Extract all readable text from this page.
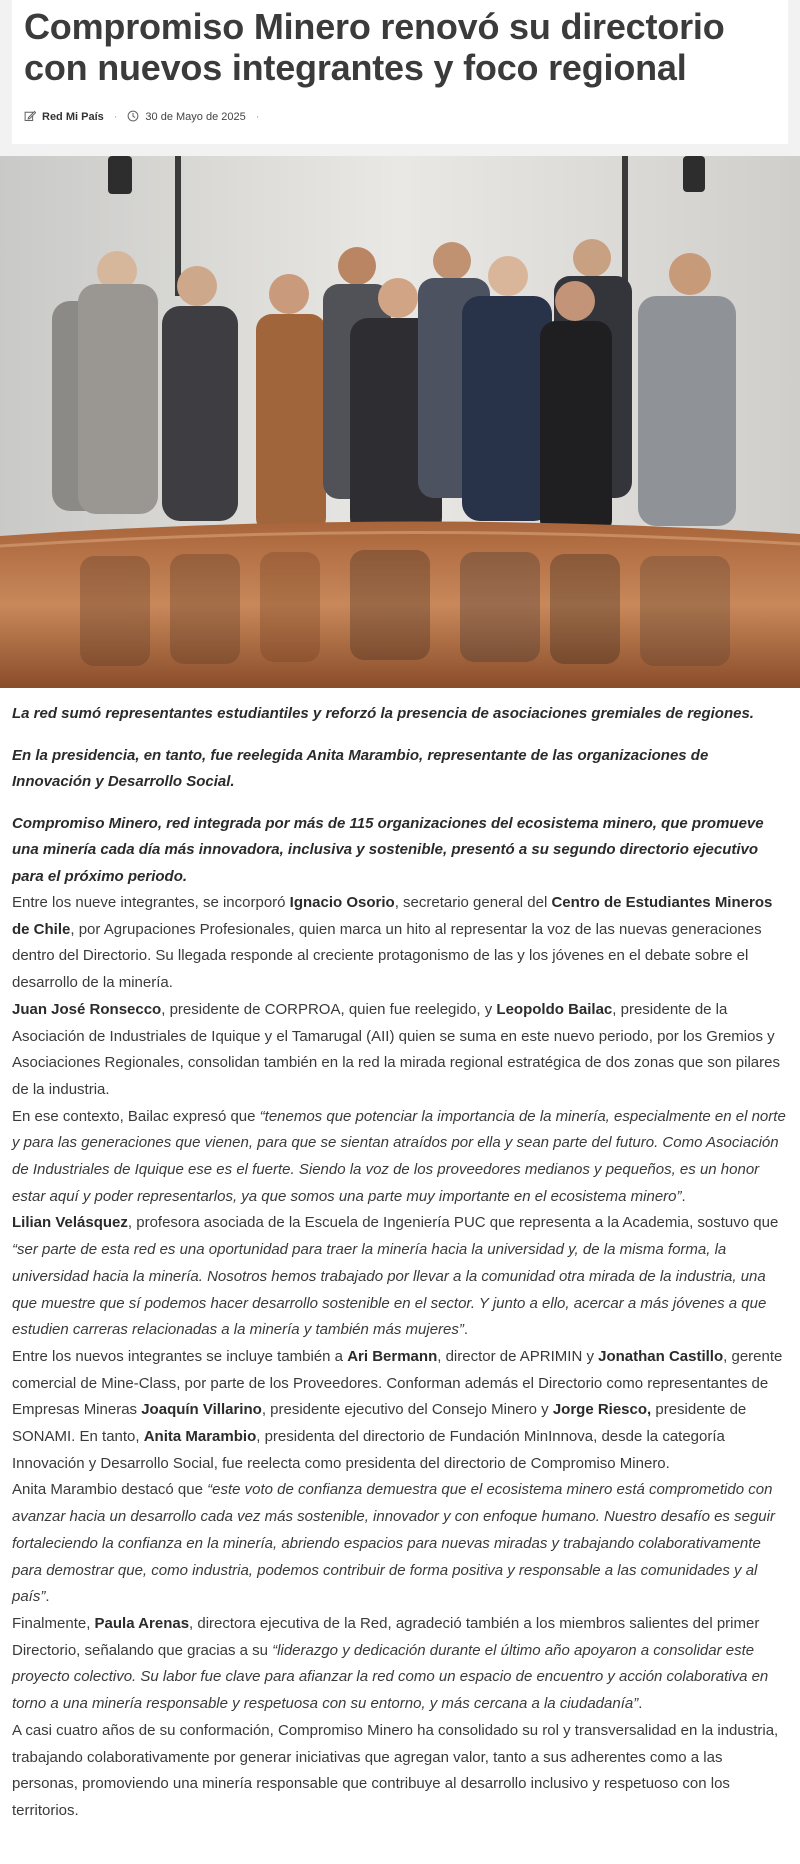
Compromiso Minero renovó su directorio con nuevos integrantes y foco regional
Red Mi País ·	30 de Mayo de 2025 ·

La red sumó representantes estudiantiles y reforzó la presencia de asociaciones gremiales de regiones.

En la presidencia, en tanto, fue reelegida Anita Marambio, representante de las organizaciones de Innovación y Desarrollo Social.

Compromiso Minero, red integrada por más de 115 organizaciones del ecosistema minero, que promueve una minería cada día más innovadora, inclusiva y sostenible, presentó a su segundo directorio ejecutivo para el próximo periodo.

Entre los nueve integrantes, se incorporó Ignacio Osorio, secretario general del Centro de Estudiantes Mineros de Chile, por Agrupaciones Profesionales, quien marca un hito al representar la voz de las nuevas generaciones dentro del Directorio. Su llegada responde al creciente protagonismo de las y los jóvenes en el debate sobre el desarrollo de la minería.

Juan José Ronsecco, presidente de CORPROA, quien fue reelegido, y Leopoldo Bailac, presidente de la Asociación de Industriales de Iquique y el Tamarugal (AII) quien se suma en este nuevo periodo, por los Gremios y Asociaciones Regionales, consolidan también en la red la mirada regional estratégica de dos zonas que son pilares de la industria.

En ese contexto, Bailac expresó que “tenemos que potenciar la importancia de la minería, especialmente en el norte y para las generaciones que vienen, para que se sientan atraídos por ella y sean parte del futuro. Como Asociación de Industriales de Iquique ese es el fuerte. Siendo la voz de los proveedores medianos y pequeños, es un honor estar aquí y poder representarlos, ya que somos una parte muy importante en el ecosistema minero”.

Lilian Velásquez, profesora asociada de la Escuela de Ingeniería PUC que representa a la Academia, sostuvo que “ser parte de esta red es una oportunidad para traer la minería hacia la universidad y, de la misma forma, la universidad hacia la minería. Nosotros hemos trabajado por llevar a la comunidad otra mirada de la industria, una que muestre que sí podemos hacer desarrollo sostenible en el sector. Y junto a ello, acercar a más jóvenes a que estudien carreras relacionadas a la minería y también más mujeres”.

Entre los nuevos integrantes se incluye también a Ari Bermann, director de APRIMIN y Jonathan Castillo, gerente comercial de Mine-Class, por parte de los Proveedores. Conforman además el Directorio como representantes de Empresas Mineras Joaquín Villarino, presidente ejecutivo del Consejo Minero y Jorge Riesco, presidente de SONAMI. En tanto, Anita Marambio, presidenta del directorio de Fundación MinInnova, desde la categoría Innovación y Desarrollo Social, fue reelecta como presidenta del directorio de Compromiso Minero.

Anita Marambio destacó que “este voto de confianza demuestra que el ecosistema minero está comprometido con avanzar hacia un desarrollo cada vez más sostenible, innovador y con enfoque humano. Nuestro desafío es seguir fortaleciendo la confianza en la minería, abriendo espacios para nuevas miradas y trabajando colaborativamente para demostrar que, como industria, podemos contribuir de forma positiva y responsable a las comunidades y al país”.

Finalmente, Paula Arenas, directora ejecutiva de la Red, agradeció también a los miembros salientes del primer Directorio, señalando que gracias a su “liderazgo y dedicación durante el último año apoyaron a consolidar este proyecto colectivo. Su labor fue clave para afianzar la red como un espacio de encuentro y acción colaborativa en torno a una minería responsable y respetuosa con su entorno, y más cercana a la ciudadanía”.

A casi cuatro años de su conformación, Compromiso Minero ha consolidado su rol y transversalidad en la industria, trabajando colaborativamente por generar iniciativas que agregan valor, tanto a sus adherentes como a las personas, promoviendo una minería responsable que contribuye al desarrollo inclusivo y respetuoso con los territorios.
